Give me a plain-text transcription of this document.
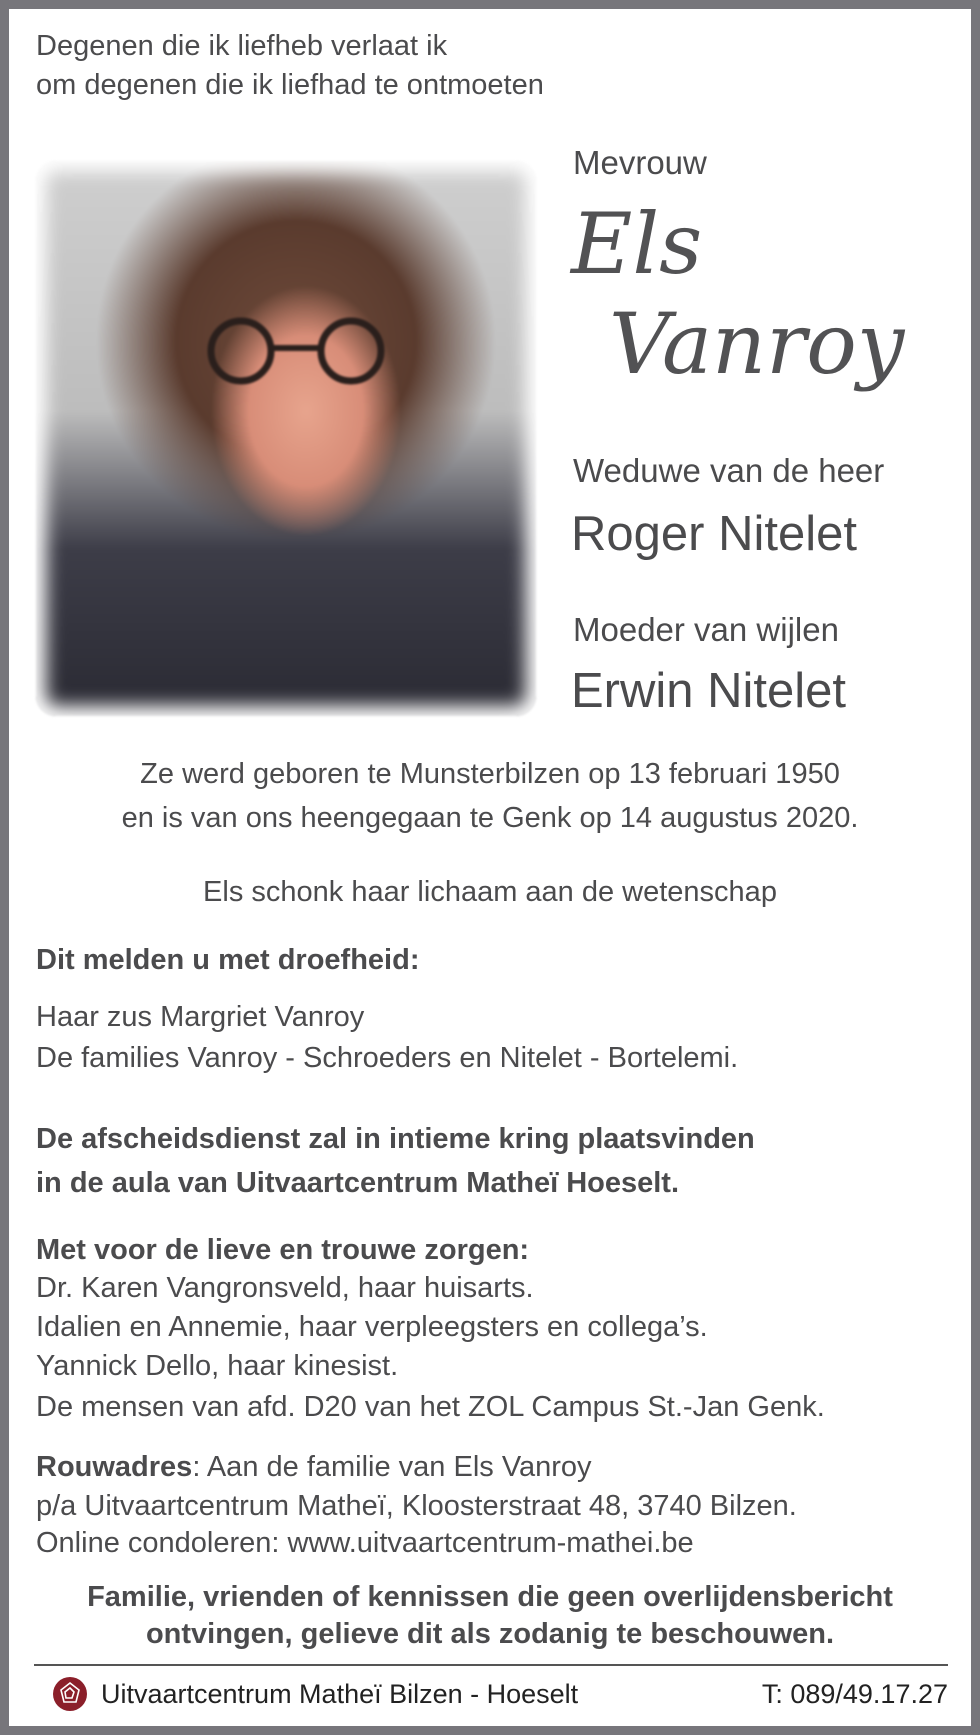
Degenen die ik liefheb verlaat ik
om degenen die ik liefhad te ontmoeten
Mevrouw
Els
Vanroy
Weduwe van de heer
Roger Nitelet
Moeder van wijlen
Erwin Nitelet
Ze werd geboren te Munsterbilzen op 13 februari 1950
en is van ons heengegaan te Genk op 14 augustus 2020.
Els schonk haar lichaam aan de wetenschap
Dit melden u met droefheid:
Haar zus Margriet Vanroy
De families Vanroy - Schroeders en Nitelet - Bortelemi.
De afscheidsdienst zal in intieme kring plaatsvinden
in de aula van Uitvaartcentrum Matheï Hoeselt.
Met voor de lieve en trouwe zorgen:
Dr. Karen Vangronsveld, haar huisarts.
Idalien en Annemie, haar verpleegsters en collega’s.
Yannick Dello, haar kinesist.
De mensen van afd. D20 van het ZOL Campus St.-Jan Genk.
Rouwadres: Aan de familie van Els Vanroy
p/a Uitvaartcentrum Matheï, Kloosterstraat 48, 3740 Bilzen.
Online condoleren: www.uitvaartcentrum-mathei.be
Familie, vrienden of kennissen die geen overlijdensbericht
ontvingen, gelieve dit als zodanig te beschouwen.
Uitvaartcentrum Matheï Bilzen - Hoeselt	T: 089/49.17.27
